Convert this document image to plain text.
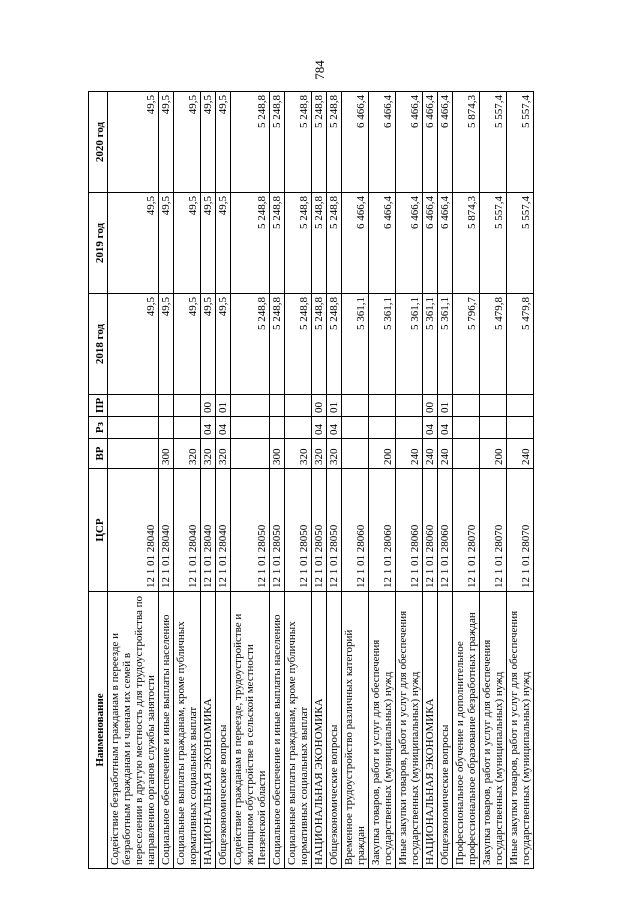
784
Наименование	ЦСР	ВР	Рз	ПР	2018 год	2019 год	2020 год
Содействие безработным гражданам в переезде и безработным гражданам и членам их семей в переселении в другую местность для трудоустройства по направлению органов службы занятости	12 1 01 28040				49,5	49,5	49,5
Социальное обеспечение и иные выплаты населению	12 1 01 28040	300			49,5	49,5	49,5
Социальные выплаты гражданам, кроме публичных нормативных социальных выплат	12 1 01 28040	320			49,5	49,5	49,5
НАЦИОНАЛЬНАЯ ЭКОНОМИКА	12 1 01 28040	320	04	00	49,5	49,5	49,5
Общеэкономические вопросы	12 1 01 28040	320	04	01	49,5	49,5	49,5
Содействие гражданам в переезде, трудоустройстве и жилищном обустройстве в сельской местности Пензенской области	12 1 01 28050				5 248,8	5 248,8	5 248,8
Социальное обеспечение и иные выплаты населению	12 1 01 28050	300			5 248,8	5 248,8	5 248,8
Социальные выплаты гражданам, кроме публичных нормативных социальных выплат	12 1 01 28050	320			5 248,8	5 248,8	5 248,8
НАЦИОНАЛЬНАЯ ЭКОНОМИКА	12 1 01 28050	320	04	00	5 248,8	5 248,8	5 248,8
Общеэкономические вопросы	12 1 01 28050	320	04	01	5 248,8	5 248,8	5 248,8
Временное трудоустройство различных категорий граждан	12 1 01 28060				5 361,1	6 466,4	6 466,4
Закупка товаров, работ и услуг для обеспечения государственных (муниципальных) нужд	12 1 01 28060	200			5 361,1	6 466,4	6 466,4
Иные закупки товаров, работ и услуг для обеспечения государственных (муниципальных) нужд	12 1 01 28060	240			5 361,1	6 466,4	6 466,4
НАЦИОНАЛЬНАЯ ЭКОНОМИКА	12 1 01 28060	240	04	00	5 361,1	6 466,4	6 466,4
Общеэкономические вопросы	12 1 01 28060	240	04	01	5 361,1	6 466,4	6 466,4
Профессиональное обучение и дополнительное профессиональное образование безработных граждан	12 1 01 28070				5 796,7	5 874,3	5 874,3
Закупка товаров, работ и услуг для обеспечения государственных (муниципальных) нужд	12 1 01 28070	200			5 479,8	5 557,4	5 557,4
Иные закупки товаров, работ и услуг для обеспечения государственных (муниципальных) нужд	12 1 01 28070	240			5 479,8	5 557,4	5 557,4
